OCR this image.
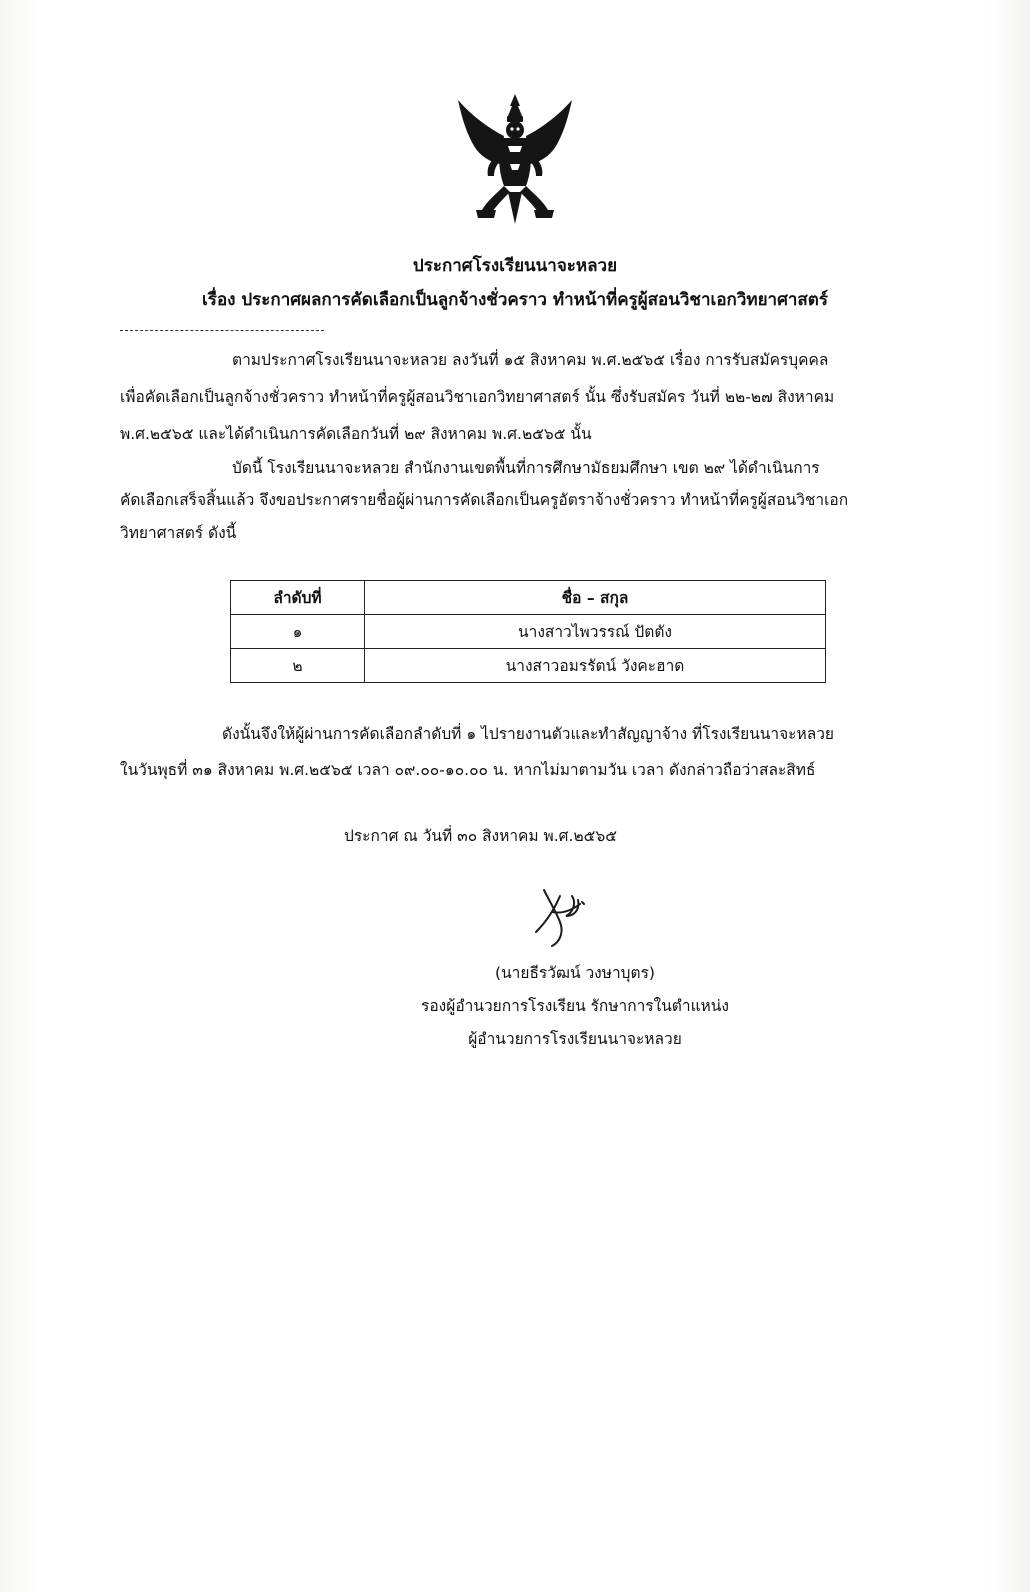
ประกาศโรงเรียนนาจะหลวย
เรื่อง ประกาศผลการคัดเลือกเป็นลูกจ้างชั่วคราว ทำหน้าที่ครูผู้สอนวิชาเอกวิทยาศาสตร์
ตามประกาศโรงเรียนนาจะหลวย ลงวันที่ ๑๕ สิงหาคม พ.ศ.๒๕๖๕ เรื่อง การรับสมัครบุคคล
เพื่อคัดเลือกเป็นลูกจ้างชั่วคราว ทำหน้าที่ครูผู้สอนวิชาเอกวิทยาศาสตร์ นั้น ซึ่งรับสมัคร วันที่ ๒๒-๒๗ สิงหาคม
พ.ศ.๒๕๖๕ และได้ดำเนินการคัดเลือกวันที่ ๒๙ สิงหาคม พ.ศ.๒๕๖๕ นั้น
บัดนี้ โรงเรียนนาจะหลวย สำนักงานเขตพื้นที่การศึกษามัธยมศึกษา เขต ๒๙ ได้ดำเนินการ
คัดเลือกเสร็จสิ้นแล้ว จึงขอประกาศรายชื่อผู้ผ่านการคัดเลือกเป็นครูอัตราจ้างชั่วคราว ทำหน้าที่ครูผู้สอนวิชาเอก
วิทยาศาสตร์ ดังนี้
ลำดับที่	ชื่อ – สกุล
๑	นางสาวไพวรรณ์ ปัตตัง
๒	นางสาวอมรรัตน์ วังคะฮาด
ดังนั้นจึงให้ผู้ผ่านการคัดเลือกลำดับที่ ๑ ไปรายงานตัวและทำสัญญาจ้าง ที่โรงเรียนนาจะหลวย
ในวันพุธที่ ๓๑ สิงหาคม พ.ศ.๒๕๖๕ เวลา ๐๙.๐๐-๑๐.๐๐ น. หากไม่มาตามวัน เวลา ดังกล่าวถือว่าสละสิทธ์
ประกาศ ณ วันที่ ๓๐ สิงหาคม พ.ศ.๒๕๖๕
(นายธีรวัฒน์ วงษาบุตร)
รองผู้อำนวยการโรงเรียน รักษาการในตำแหน่ง
ผู้อำนวยการโรงเรียนนาจะหลวย
